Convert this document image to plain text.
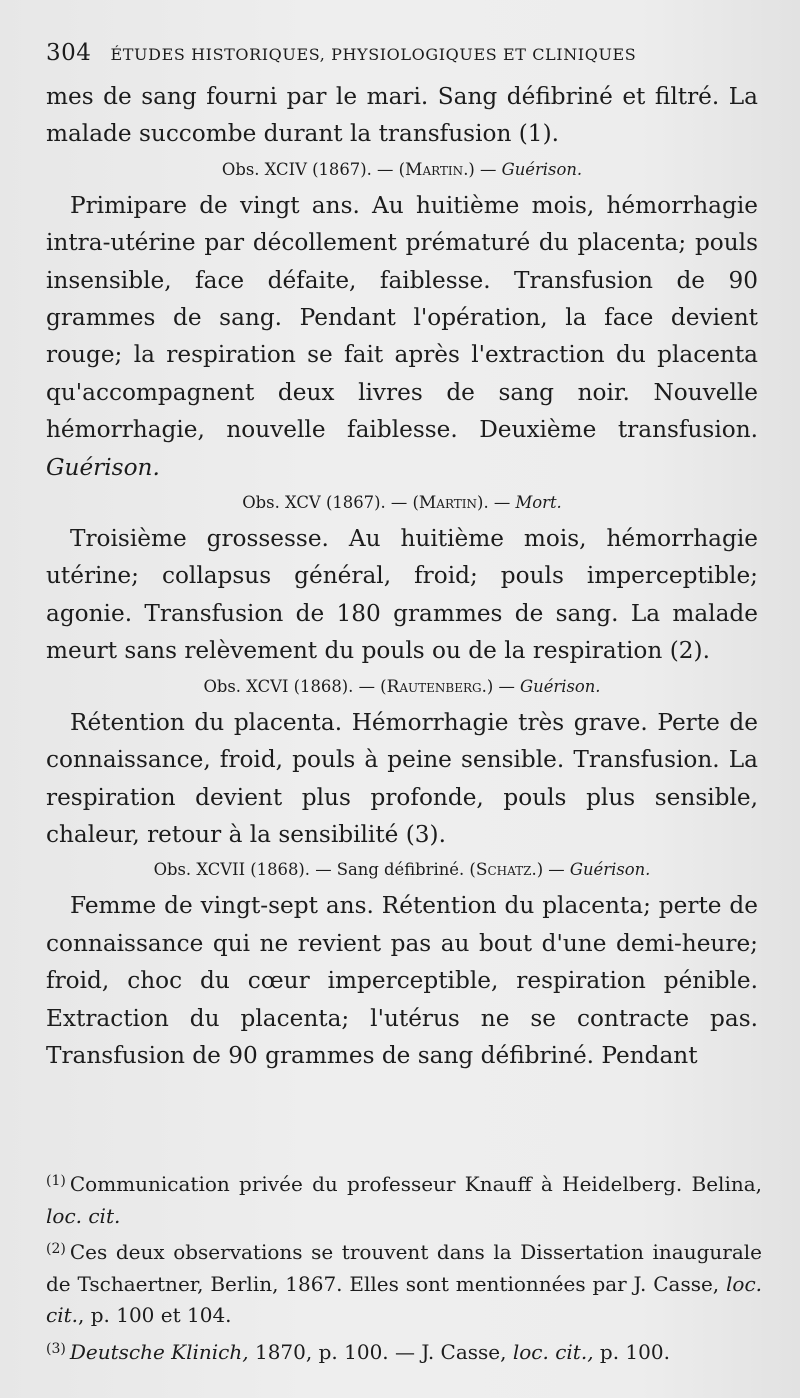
304 ÉTUDES HISTORIQUES, PHYSIOLOGIQUES ET CLINIQUES

mes de sang fourni par le mari. Sang défibriné et filtré. La malade succombe durant la transfusion (1).

Obs. XCIV (1867). — (Martin.) — Guérison.

Primipare de vingt ans. Au huitième mois, hémorrhagie intra-utérine par décollement prématuré du placenta; pouls insensible, face défaite, faiblesse. Transfusion de 90 grammes de sang. Pendant l'opération, la face devient rouge; la respiration se fait après l'extraction du placenta qu'accompagnent deux livres de sang noir. Nouvelle hémorrhagie, nouvelle faiblesse. Deuxième transfusion. Guérison.

Obs. XCV (1867). — (Martin). — Mort.

Troisième grossesse. Au huitième mois, hémorrhagie utérine; collapsus général, froid; pouls imperceptible; agonie. Transfusion de 180 grammes de sang. La malade meurt sans relèvement du pouls ou de la respiration (2).

Obs. XCVI (1868). — (Rautenberg.) — Guérison.

Rétention du placenta. Hémorrhagie très grave. Perte de connaissance, froid, pouls à peine sensible. Transfusion. La respiration devient plus profonde, pouls plus sensible, chaleur, retour à la sensibilité (3).

Obs. XCVII (1868). — Sang défibriné. (Schatz.) — Guérison.

Femme de vingt-sept ans. Rétention du placenta; perte de connaissance qui ne revient pas au bout d'une demi-heure; froid, choc du cœur imperceptible, respiration pénible. Extraction du placenta; l'utérus ne se contracte pas. Transfusion de 90 grammes de sang défibriné. Pendant

$^{(1)}$ Communication privée du professeur Knauff à Heidelberg. Belina, loc. cit.

$^{(2)}$ Ces deux observations se trouvent dans la Dissertation inaugurale de Tschaertner, Berlin, 1867. Elles sont mentionnées par J. Casse, loc. cit., p. 100 et 104.

$^{(3)}$ Deutsche Klinich, 1870, p. 100. — J. Casse, loc. cit., p. 100.
